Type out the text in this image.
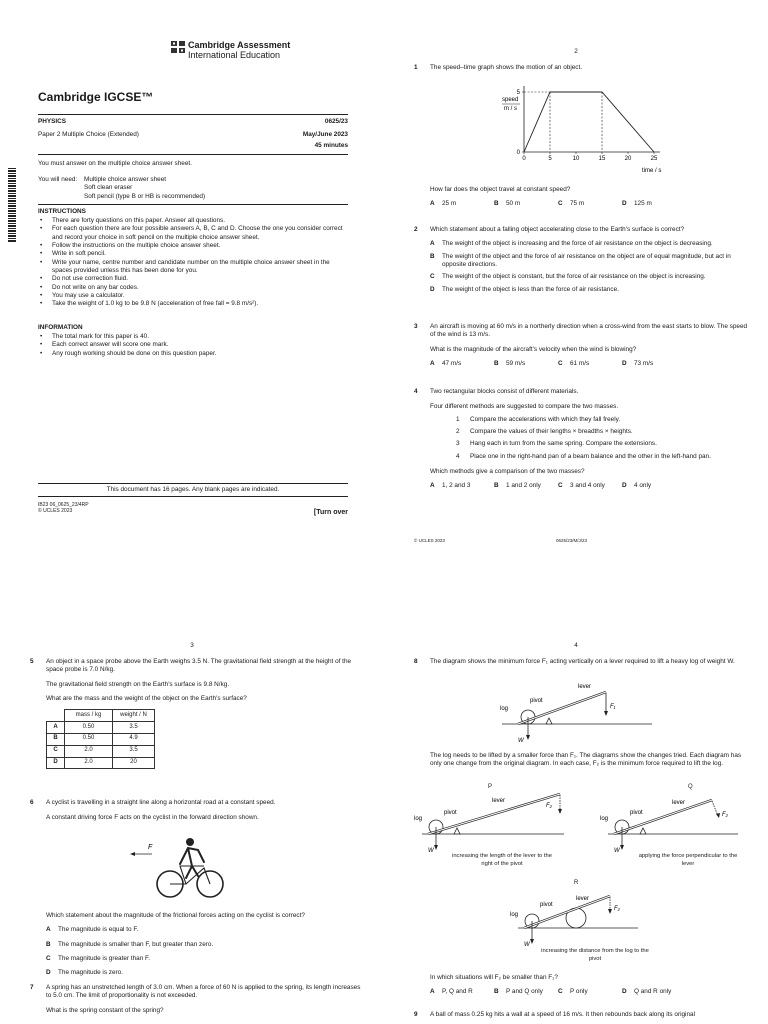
Cambridge Assessment
International Education
Cambridge IGCSE™
PHYSICS	0625/23
Paper 2 Multiple Choice (Extended)	May/June 2023
45 minutes
You must answer on the multiple choice answer sheet.
You will need: Multiple choice answer sheet
Soft clean eraser
Soft pencil (type B or HB is recommended)
INSTRUCTIONS
• There are forty questions on this paper. Answer all questions.
• For each question there are four possible answers A, B, C and D. Choose the one you consider correct and record your choice in soft pencil on the multiple choice answer sheet.
• Follow the instructions on the multiple choice answer sheet.
• Write in soft pencil.
• Write your name, centre number and candidate number on the multiple choice answer sheet in the spaces provided unless this has been done for you.
• Do not use correction fluid.
• Do not write on any bar codes.
• You may use a calculator.
• Take the weight of 1.0 kg to be 9.8 N (acceleration of free fall = 9.8 m/s²).
INFORMATION
• The total mark for this paper is 40.
• Each correct answer will score one mark.
• Any rough working should be done on this question paper.
This document has 16 pages. Any blank pages are indicated.
IB23 06_0625_23/4RP
© UCLES 2023	[Turn over
2
1 The speed–time graph shows the motion of an object.
speed
m / s
0	5	10	15	20	25
0
5
time / s
How far does the object travel at constant speed?
A 25 m	B 50 m	C 75 m	D 125 m
2 Which statement about a falling object accelerating close to the Earth's surface is correct?
A The weight of the object is increasing and the force of air resistance on the object is decreasing.
B The weight of the object and the force of air resistance on the object are of equal magnitude, but act in opposite directions.
C The weight of the object is constant, but the force of air resistance on the object is increasing.
D The weight of the object is less than the force of air resistance.
3 An aircraft is moving at 60 m/s in a northerly direction when a cross-wind from the east starts to blow. The speed of the wind is 13 m/s.
What is the magnitude of the aircraft's velocity when the wind is blowing?
A 47 m/s	B 59 m/s	C 61 m/s	D 73 m/s
4 Two rectangular blocks consist of different materials.
Four different methods are suggested to compare the two masses.
1 Compare the accelerations with which they fall freely.
2 Compare the values of their lengths × breadths × heights.
3 Hang each in turn from the same spring. Compare the extensions.
4 Place one in the right-hand pan of a beam balance and the other in the left-hand pan.
Which methods give a comparison of the two masses?
A 1, 2 and 3	B 1 and 2 only	C 3 and 4 only	D 4 only
© UCLES 2023	0625/23/M/J/23
3
5 An object in a space probe above the Earth weighs 3.5 N. The gravitational field strength at the height of the space probe is 7.0 N/kg.
The gravitational field strength on the Earth's surface is 9.8 N/kg.
What are the mass and the weight of the object on the Earth's surface?
	mass / kg	weight / N
A	0.50	3.5
B	0.50	4.9
C	2.0	3.5
D	2.0	20
6 A cyclist is travelling in a straight line along a horizontal road at a constant speed.
A constant driving force F acts on the cyclist in the forward direction shown.
F
Which statement about the magnitude of the frictional forces acting on the cyclist is correct?
A The magnitude is equal to F.
B The magnitude is smaller than F, but greater than zero.
C The magnitude is greater than F.
D The magnitude is zero.
7 A spring has an unstretched length of 3.0 cm. When a force of 60 N is applied to the spring, its length increases to 5.0 cm. The limit of proportionality is not exceeded.
What is the spring constant of the spring?
4
8 The diagram shows the minimum force F₁ acting vertically on a lever required to lift a heavy log of weight W.
log
pivot
lever
F₁
W
The log needs to be lifted by a smaller force than F₁. The diagrams show the changes tried. Each diagram has only one change from the original diagram. In each case, F₂ is the minimum force required to lift the log.
P
log
pivot
lever
F₂
W
increasing the length of the lever to the right of the pivot
Q
log
pivot
lever
F₂
W
applying the force perpendicular to the lever
R
log
pivot
lever
F₂
W
increasing the distance from the log to the pivot
In which situations will F₂ be smaller than F₁?
A P, Q and R	B P and Q only	C P only	D Q and R only
9 A ball of mass 0.25 kg hits a wall at a speed of 16 m/s. It then rebounds back along its original
